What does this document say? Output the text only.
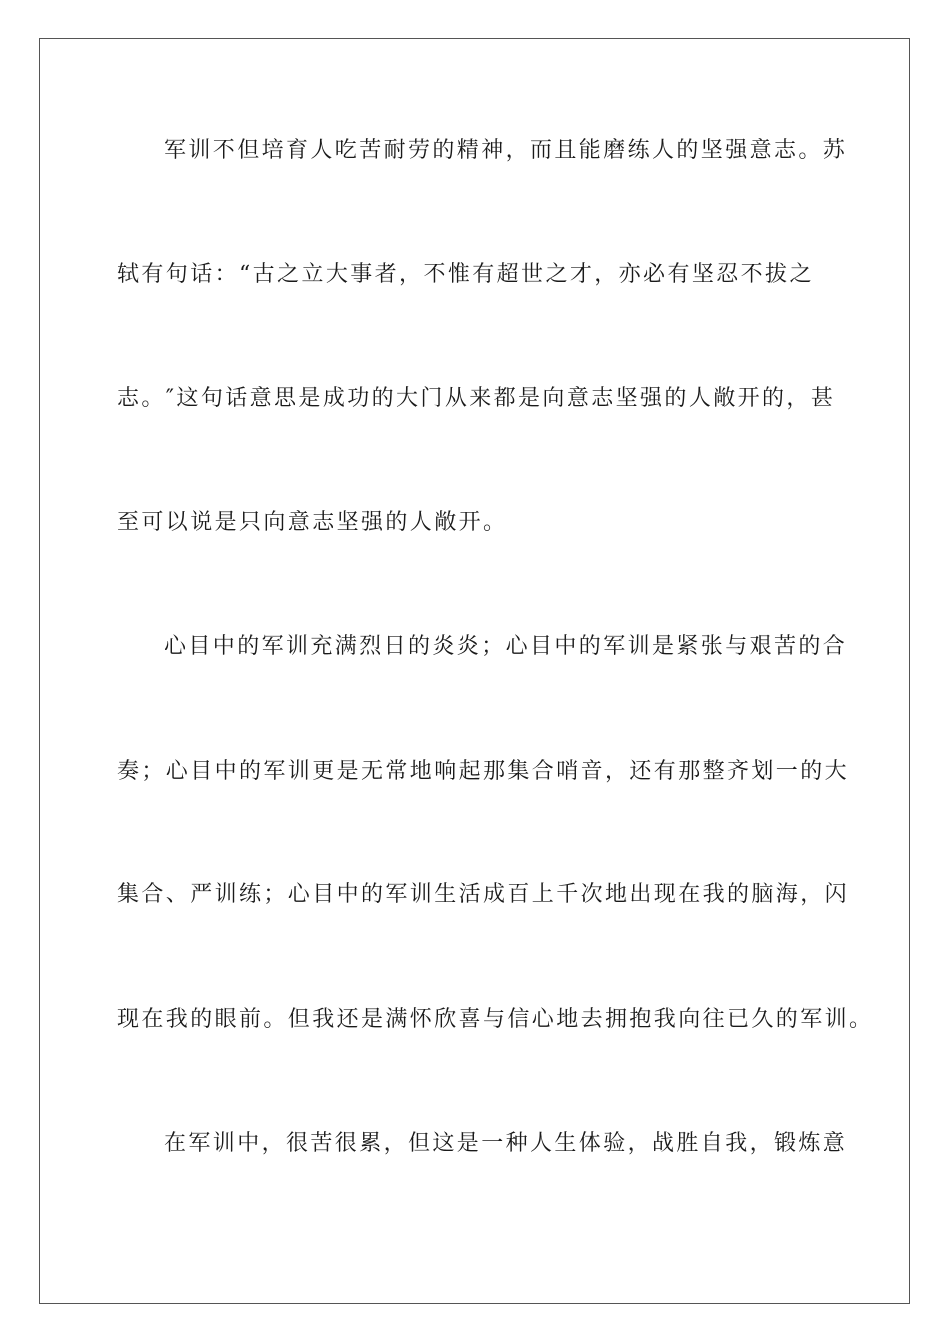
军训不但培育人吃苦耐劳的精神，而且能磨练人的坚强意志。苏

轼有句话：“古之立大事者，不惟有超世之才，亦必有坚忍不拔之

志。″这句话意思是成功的大门从来都是向意志坚强的人敞开的，甚

至可以说是只向意志坚强的人敞开。

心目中的军训充满烈日的炎炎；心目中的军训是紧张与艰苦的合

奏；心目中的军训更是无常地响起那集合哨音，还有那整齐划一的大

集合、严训练；心目中的军训生活成百上千次地出现在我的脑海，闪

现在我的眼前。但我还是满怀欣喜与信心地去拥抱我向往已久的军训。

在军训中，很苦很累，但这是一种人生体验，战胜自我，锻炼意
